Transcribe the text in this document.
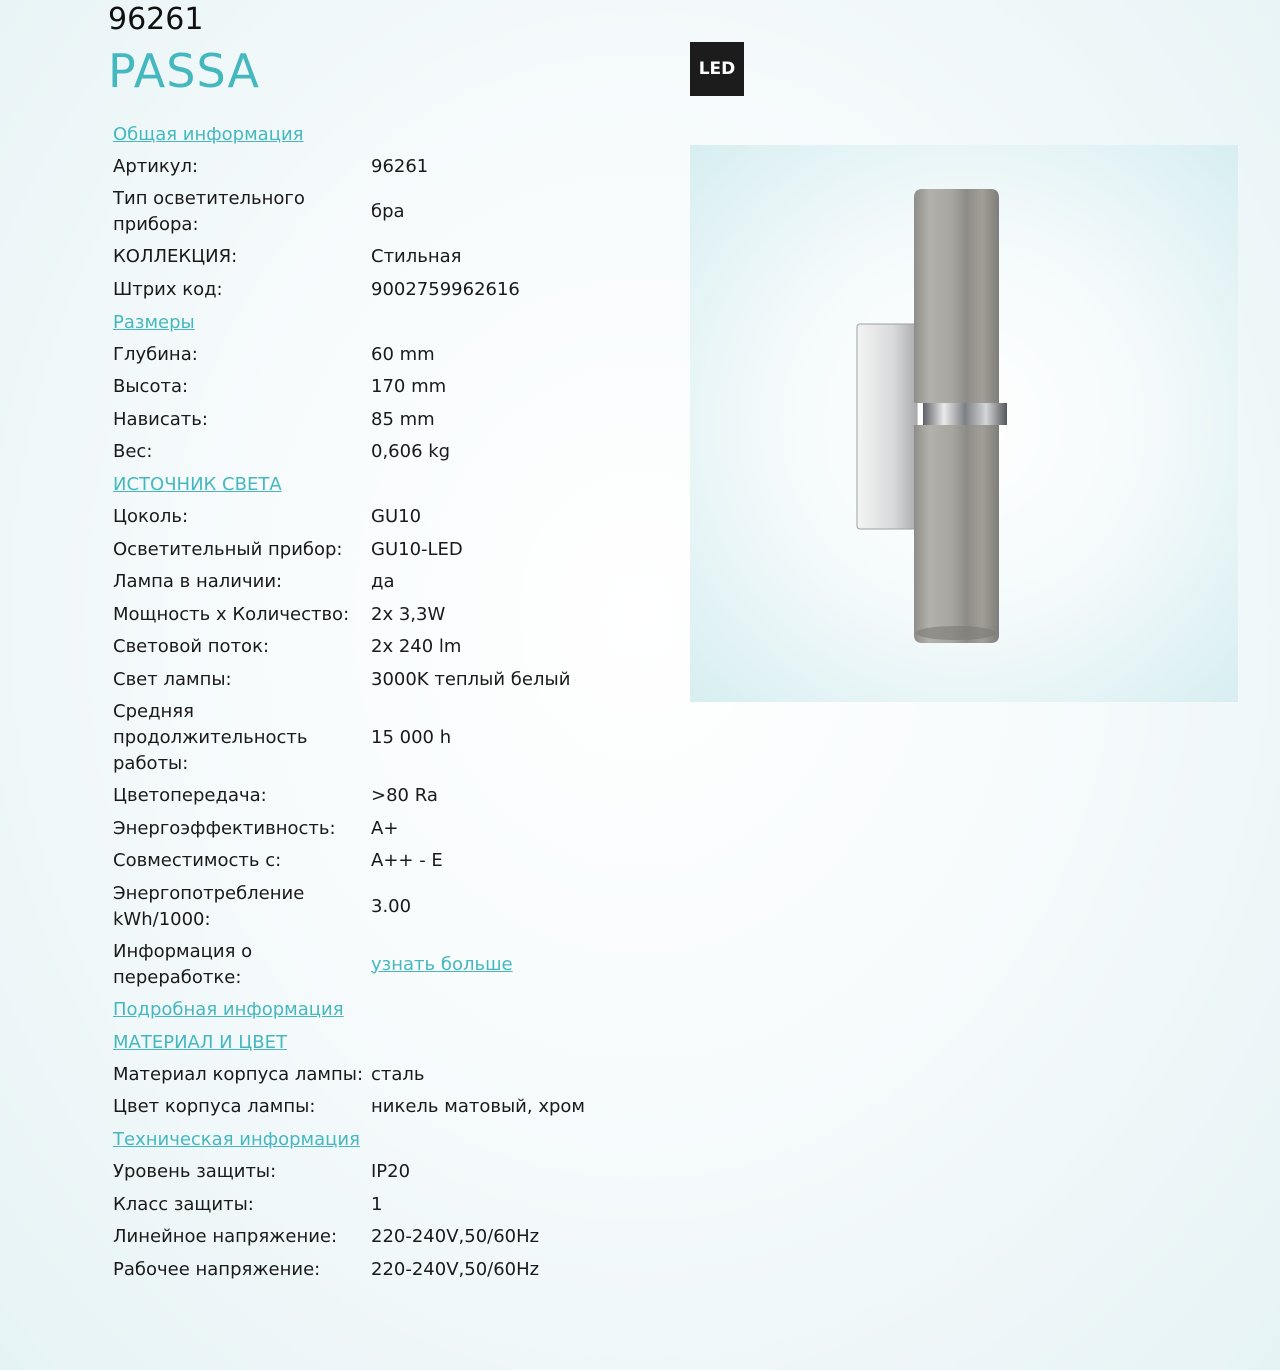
96261
PASSA	LED
Общая информация
Артикул:	96261
Тип осветительного прибора:
бра
КОЛЛЕКЦИЯ:	Стильная
Штрих код:	9002759962616
Размеры
Глубина:	60 mm
Высота:	170 mm
Нависать:	85 mm
Вес:	0,606 kg
ИСТОЧНИК СВЕТА
Цоколь:	GU10
Осветительный прибор:	GU10-LED
Лампа в наличии:	да
Мощность x Количество:	2x 3,3W
Световой поток:	2x 240 lm
Свет лампы:	3000K теплый белый
Средняя продолжительность работы:
15 000 h
Цветопередача:	>80 Ra
Энергоэффективность:	A+
Совместимость с:	A++ - E
Энергопотребление kWh/1000:
3.00
Информация о переработке:
узнать больше
Подробная информация
МАТЕРИАЛ И ЦВЕТ
Материал корпуса лампы: сталь
Цвет корпуса лампы:	никель матовый, хром
Техническая информация
Уровень защиты:	IP20
Класс защиты:	1
Линейное напряжение:	220-240V,50/60Hz
Рабочее напряжение:	220-240V,50/60Hz
